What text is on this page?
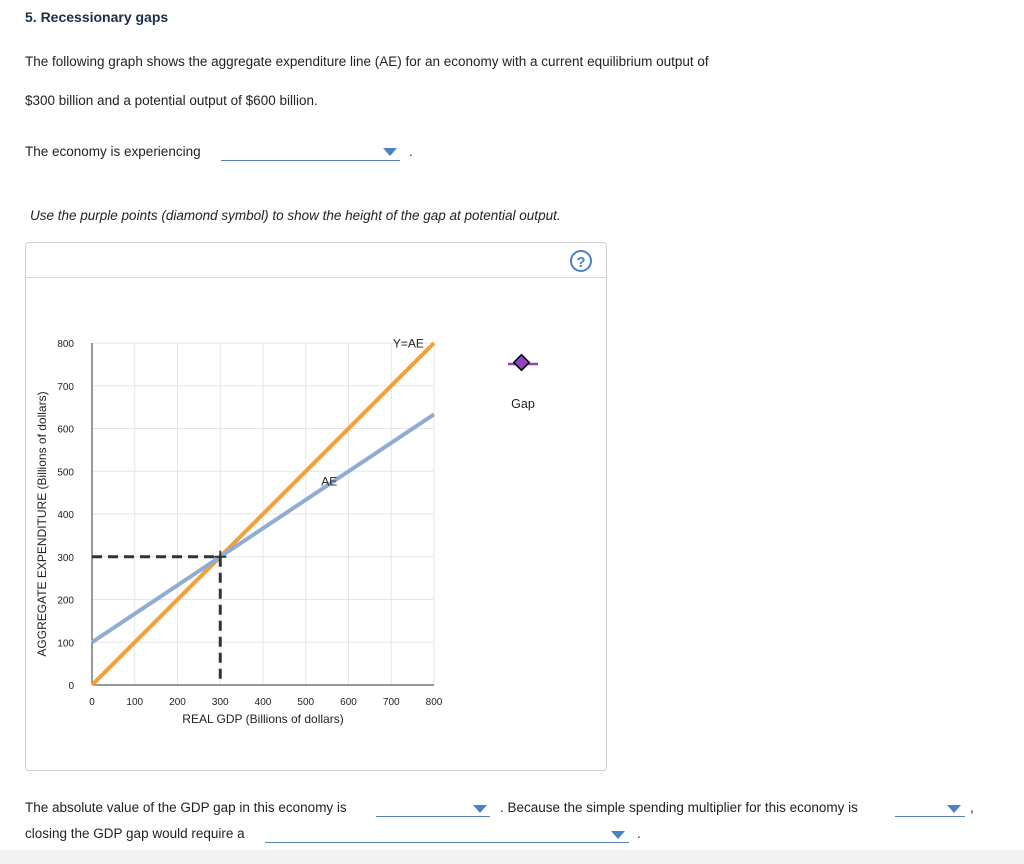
5. Recessionary gaps
The following graph shows the aggregate expenditure line (AE) for an economy with a current equilibrium output of
$300 billion and a potential output of $600 billion.
The economy is experiencing	.
Use the purple points (diamond symbol) to show the height of the gap at potential output.
?
0	100	200	300	400	500	600	700	800
0
100
200
300
400
500
600
700
800	Y=AE
AE
REAL GDP (Billions of dollars)
AGGREGATE EXPENDITURE (Billions of dollars)	Gap
The absolute value of the GDP gap in this economy is	. Because the simple spending multiplier for this economy is	,
closing the GDP gap would require a	.
